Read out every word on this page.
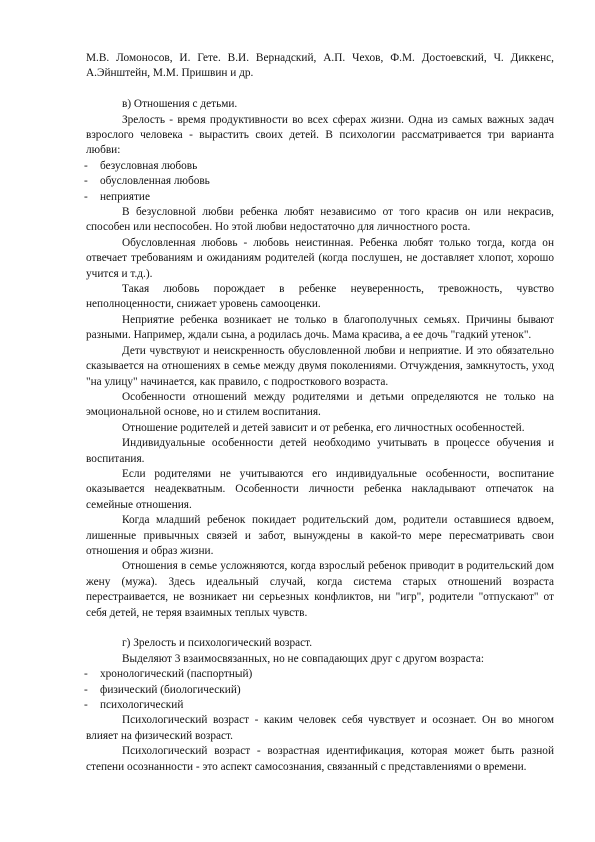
М.В. Ломоносов, И. Гете. В.И. Вернадский, А.П. Чехов, Ф.М. Достоевский, Ч. Диккенс, А.Эйнштейн, М.М. Пришвин и др.

в) Отношения с детьми.

Зрелость - время продуктивности во всех сферах жизни. Одна из самых важных задач взрослого человека - вырастить своих детей. В психологии рассматривается три варианта любви:

- безусловная любовь
- обусловленная любовь
- неприятие

В безусловной любви ребенка любят независимо от того красив он или некрасив, способен или неспособен. Но этой любви недостаточно для личностного роста.

Обусловленная любовь - любовь неистинная. Ребенка любят только тогда, когда он отвечает требованиям и ожиданиям родителей (когда послушен, не доставляет хлопот, хорошо учится и т.д.).

Такая любовь порождает в ребенке неуверенность, тревожность, чувство неполноценности, снижает уровень самооценки.

Неприятие ребенка возникает не только в благополучных семьях. Причины бывают разными. Например, ждали сына, а родилась дочь. Мама красива, а ее дочь "гадкий утенок".

Дети чувствуют и неискренность обусловленной любви и неприятие. И это обязательно сказывается на отношениях в семье между двумя поколениями. Отчуждения, замкнутость, уход "на улицу" начинается, как правило, с подросткового возраста.

Особенности отношений между родителями и детьми определяются не только на эмоциональной основе, но и стилем воспитания.

Отношение родителей и детей зависит и от ребенка, его личностных особенностей.

Индивидуальные особенности детей необходимо учитывать в процессе обучения и воспитания.

Если родителями не учитываются его индивидуальные особенности, воспитание оказывается неадекватным. Особенности личности ребенка накладывают отпечаток на семейные отношения.

Когда младший ребенок покидает родительский дом, родители оставшиеся вдвоем, лишенные привычных связей и забот, вынуждены в какой-то мере пересматривать свои отношения и образ жизни.

Отношения в семье усложняются, когда взрослый ребенок приводит в родительский дом жену (мужа). Здесь идеальный случай, когда система старых отношений возраста перестраивается, не возникает ни серьезных конфликтов, ни "игр", родители "отпускают" от себя детей, не теряя взаимных теплых чувств.

г) Зрелость и психологический возраст.

Выделяют 3 взаимосвязанных, но не совпадающих друг с другом возраста:

- хронологический (паспортный)
- физический (биологический)
- психологический

Психологический возраст - каким человек себя чувствует и осознает. Он во многом влияет на физический возраст.

Психологический возраст - возрастная идентификация, которая может быть разной степени осознанности - это аспект самосознания, связанный с представлениями о времени.
